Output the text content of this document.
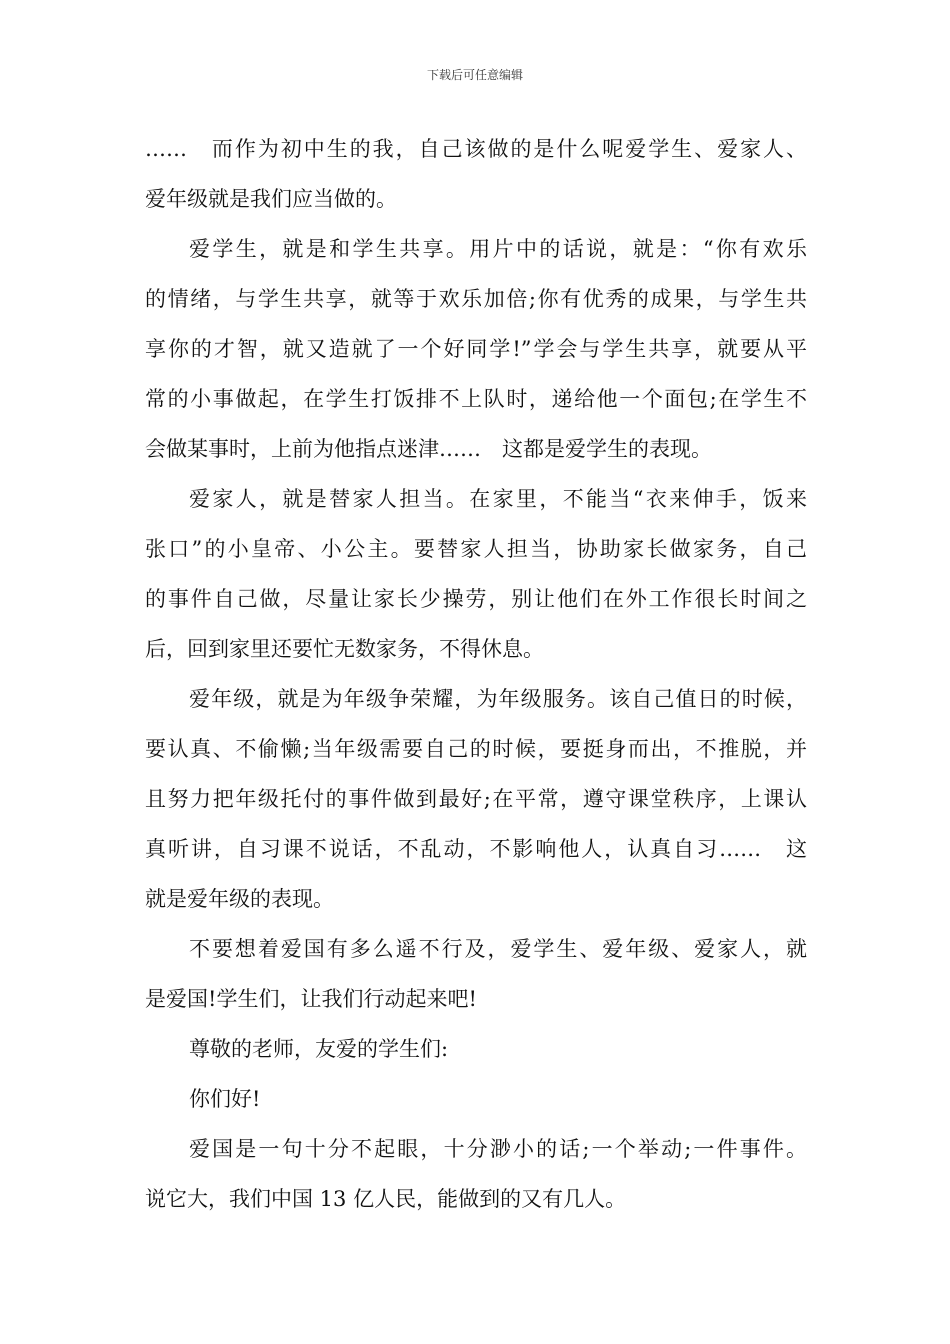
下载后可任意编辑
……　而作为初中生的我，自己该做的是什么呢爱学生、爱家人、
爱年级就是我们应当做的。
爱学生，就是和学生共享。用片中的话说，就是：“你有欢乐
的情绪，与学生共享，就等于欢乐加倍;你有优秀的成果，与学生共
享你的才智，就又造就了一个好同学!”学会与学生共享，就要从平
常的小事做起，在学生打饭排不上队时，递给他一个面包;在学生不
会做某事时，上前为他指点迷津……　这都是爱学生的表现。
爱家人，就是替家人担当。在家里，不能当“衣来伸手，饭来
张口”的小皇帝、小公主。要替家人担当，协助家长做家务，自己
的事件自己做，尽量让家长少操劳，别让他们在外工作很长时间之
后，回到家里还要忙无数家务，不得休息。
爱年级，就是为年级争荣耀，为年级服务。该自己值日的时候，
要认真、不偷懒;当年级需要自己的时候，要挺身而出，不推脱，并
且努力把年级托付的事件做到最好;在平常，遵守课堂秩序，上课认
真听讲，自习课不说话，不乱动，不影响他人，认真自习……　这
就是爱年级的表现。
不要想着爱国有多么遥不行及，爱学生、爱年级、爱家人，就
是爱国!学生们，让我们行动起来吧!
尊敬的老师，友爱的学生们:
你们好!
爱国是一句十分不起眼，十分渺小的话;一个举动;一件事件。
说它大，我们中国 13 亿人民，能做到的又有几人。
